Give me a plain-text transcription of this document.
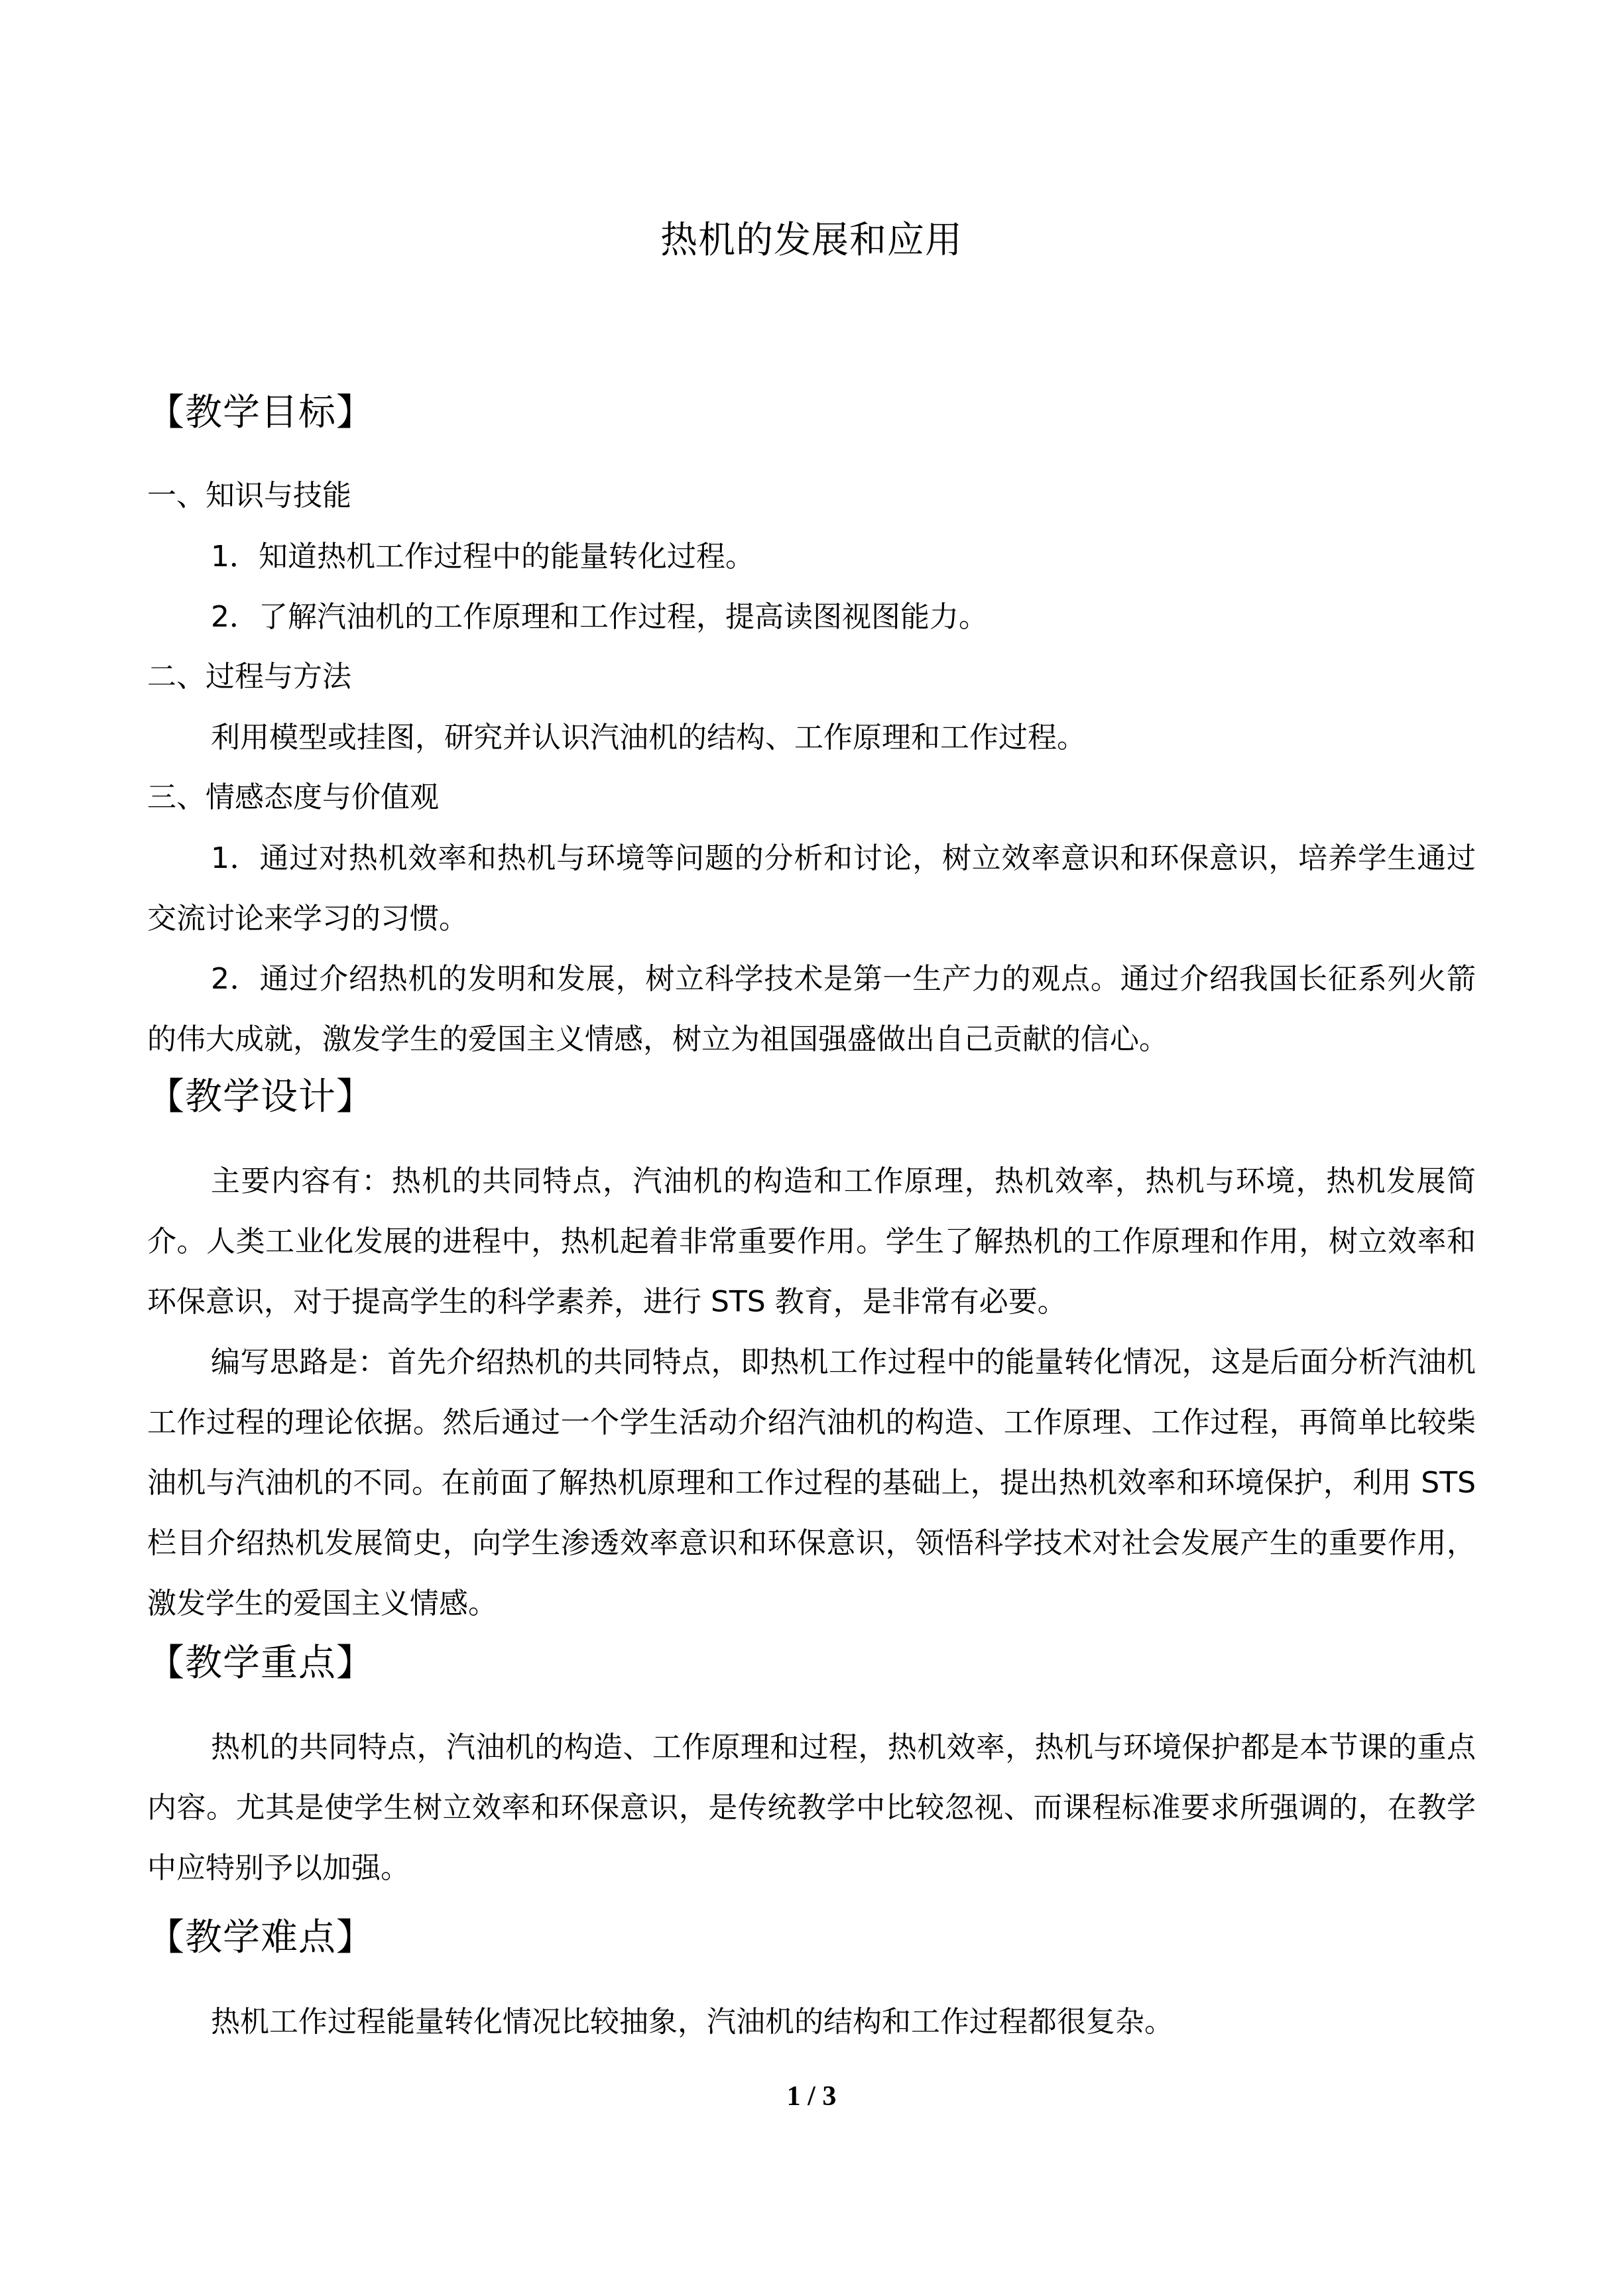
热机的发展和应用
【教学目标】
一、知识与技能
1．知道热机工作过程中的能量转化过程。
2．了解汽油机的工作原理和工作过程，提高读图视图能力。
二、过程与方法
利用模型或挂图，研究并认识汽油机的结构、工作原理和工作过程。
三、情感态度与价值观
1．通过对热机效率和热机与环境等问题的分析和讨论，树立效率意识和环保意识，培养学生通过交流讨论来学习的习惯。
2．通过介绍热机的发明和发展，树立科学技术是第一生产力的观点。通过介绍我国长征系列火箭的伟大成就，激发学生的爱国主义情感，树立为祖国强盛做出自己贡献的信心。
【教学设计】
主要内容有：热机的共同特点，汽油机的构造和工作原理，热机效率，热机与环境，热机发展简介。人类工业化发展的进程中，热机起着非常重要作用。学生了解热机的工作原理和作用，树立效率和环保意识，对于提高学生的科学素养，进行 STS 教育，是非常有必要。
编写思路是：首先介绍热机的共同特点，即热机工作过程中的能量转化情况，这是后面分析汽油机工作过程的理论依据。然后通过一个学生活动介绍汽油机的构造、工作原理、工作过程，再简单比较柴油机与汽油机的不同。在前面了解热机原理和工作过程的基础上，提出热机效率和环境保护，利用 STS 栏目介绍热机发展简史，向学生渗透效率意识和环保意识，领悟科学技术对社会发展产生的重要作用，激发学生的爱国主义情感。
【教学重点】
热机的共同特点，汽油机的构造、工作原理和过程，热机效率，热机与环境保护都是本节课的重点内容。尤其是使学生树立效率和环保意识，是传统教学中比较忽视、而课程标准要求所强调的，在教学中应特别予以加强。
【教学难点】
热机工作过程能量转化情况比较抽象，汽油机的结构和工作过程都很复杂。
1 / 3
